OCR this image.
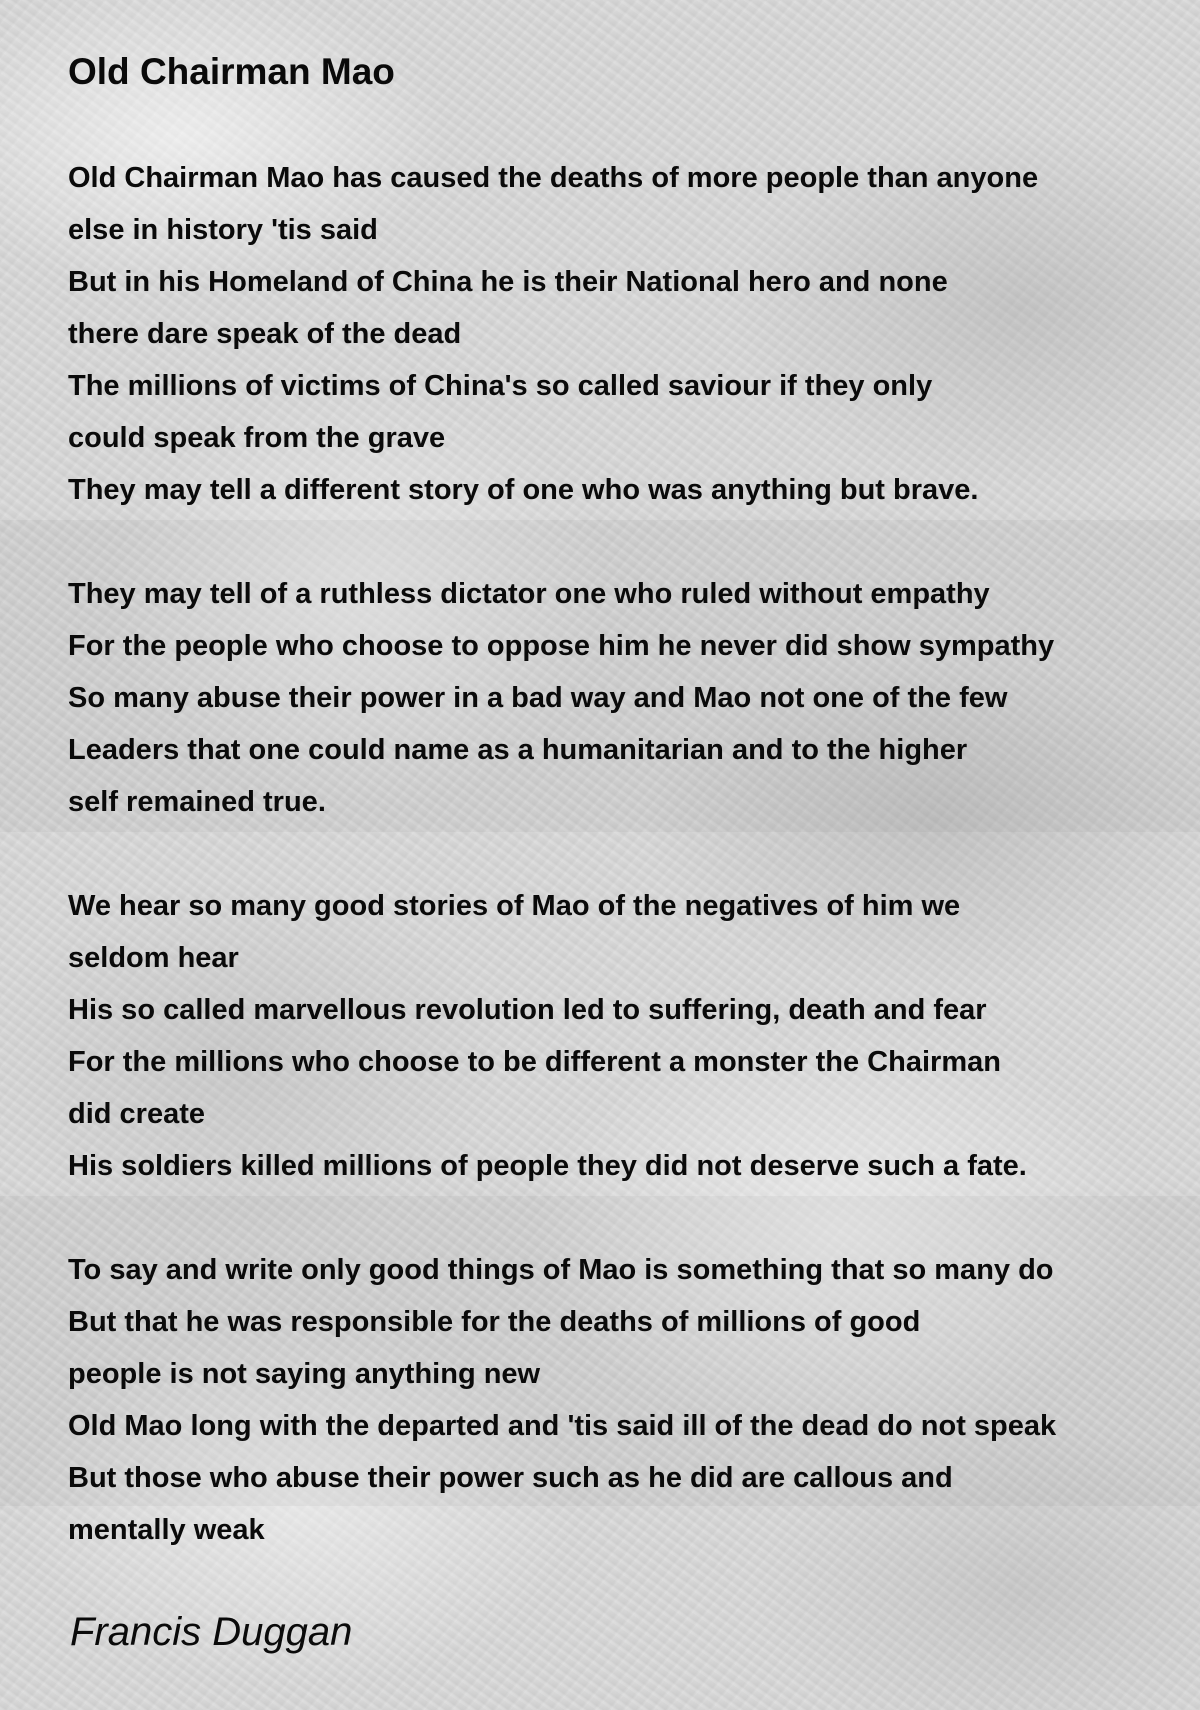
Old Chairman Mao
Old Chairman Mao has caused the deaths of more people than anyone
else in history 'tis said
But in his Homeland of China he is their National hero and none
there dare speak of the dead
The millions of victims of China's so called saviour if they only
could speak from the grave
They may tell a different story of one who was anything but brave.
They may tell of a ruthless dictator one who ruled without empathy
For the people who choose to oppose him he never did show sympathy
So many abuse their power in a bad way and Mao not one of the few
Leaders that one could name as a humanitarian and to the higher
self remained true.
We hear so many good stories of Mao of the negatives of him we
seldom hear
His so called marvellous revolution led to suffering, death and fear
For the millions who choose to be different a monster the Chairman
did create
His soldiers killed millions of people they did not deserve such a fate.
To say and write only good things of Mao is something that so many do
But that he was responsible for the deaths of millions of good
people is not saying anything new
Old Mao long with the departed and 'tis said ill of the dead do not speak
But those who abuse their power such as he did are callous and
mentally weak
Francis Duggan
